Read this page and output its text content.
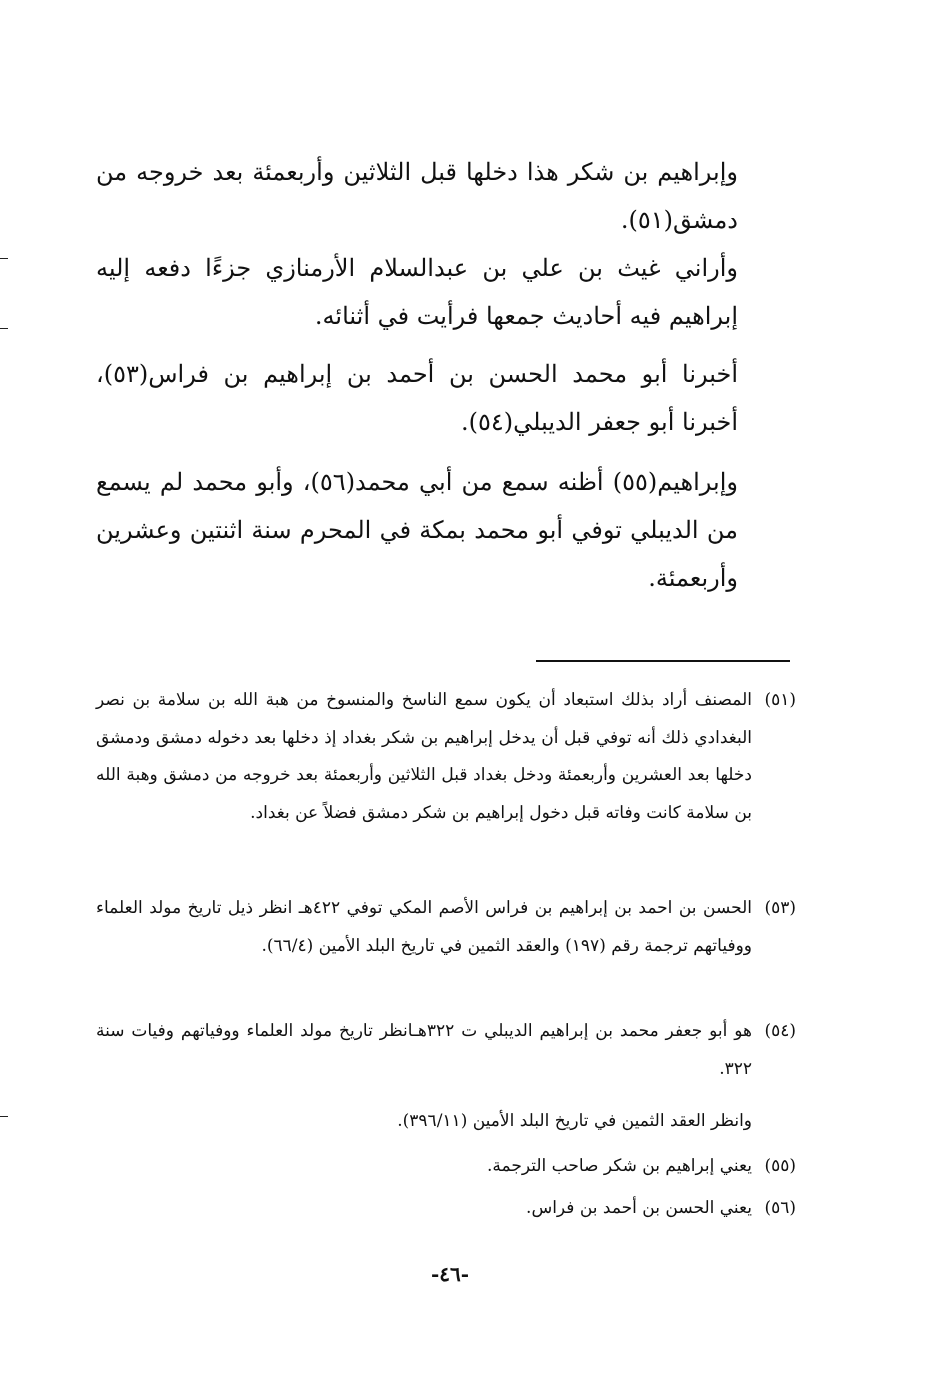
وإبراهيم بن شكر هذا دخلها قبل الثلاثين وأربعمئة بعد خروجه من دمشق(٥١).

وأراني غيث بن علي بن عبدالسلام الأرمنازي جزءًا دفعه إليه إبراهيم فيه أحاديث جمعها فرأيت في أثنائه.

أخبرنا أبو محمد الحسن بن أحمد بن إبراهيم بن فراس(٥٣)، أخبرنا أبو جعفر الديبلي(٥٤).

وإبراهيم(٥٥) أظنه سمع من أبي محمد(٥٦)، وأبو محمد لم يسمع من الديبلي توفي أبو محمد بمكة في المحرم سنة اثنتين وعشرين وأربعمئة.

(٥١)
المصنف أراد بذلك استبعاد أن يكون سمع الناسخ والمنسوخ من هبة الله بن سلامة بن نصر البغدادي ذلك أنه توفي قبل أن يدخل إبراهيم بن شكر بغداد إذ دخلها بعد دخوله دمشق ودمشق دخلها بعد العشرين وأربعمئة ودخل بغداد قبل الثلاثين وأربعمئة بعد خروجه من دمشق وهبة الله بن سلامة كانت وفاته قبل دخول إبراهيم بن شكر دمشق فضلاً عن بغداد.
(٥٣)
الحسن بن احمد بن إبراهيم بن فراس الأصم المكي توفي ٤٢٢هـ انظر ذيل تاريخ مولد العلماء ووفياتهم ترجمة رقم (١٩٧) والعقد الثمين في تاريخ البلد الأمين (٦٦/٤).
(٥٤)
هو أبو جعفر محمد بن إبراهيم الديبلي ت ٣٢٢هـانظر تاريخ مولد العلماء ووفياتهم وفيات سنة ٣٢٢.
وانظر العقد الثمين في تاريخ البلد الأمين (٣٩٦/١١).
(٥٥)
يعني إبراهيم بن شكر صاحب الترجمة.
(٥٦)
يعني الحسن بن أحمد بن فراس.
-٤٦-
